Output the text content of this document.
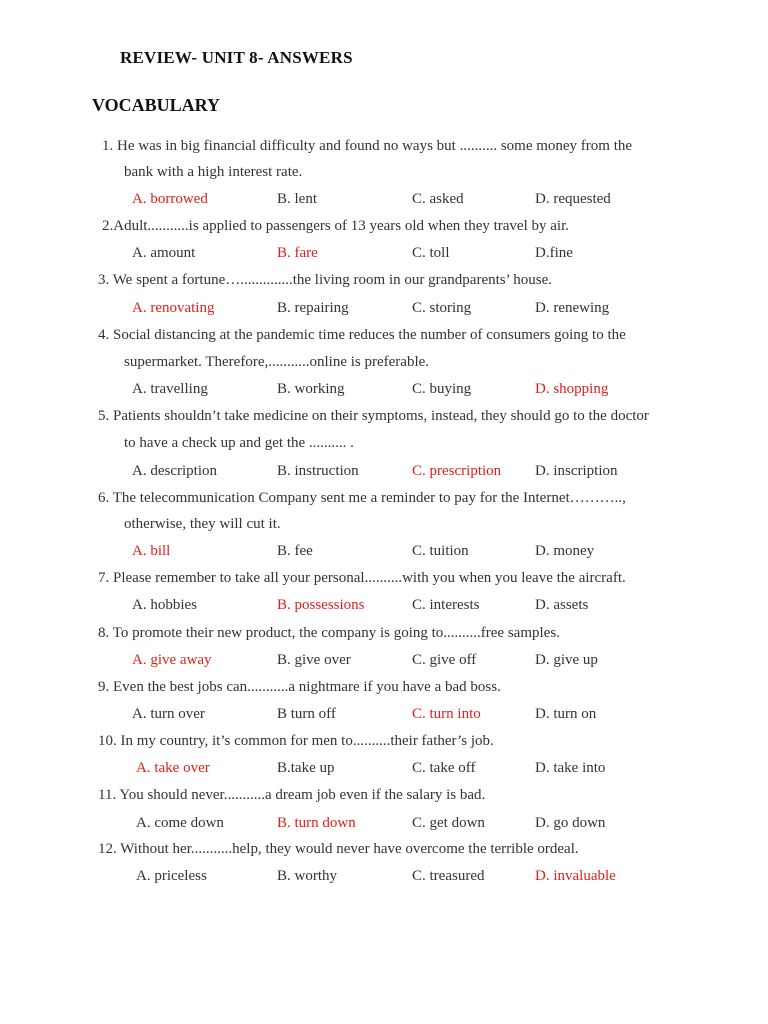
REVIEW- UNIT 8- ANSWERS
VOCABULARY
1. He was in big financial difficulty and found no ways but .......... some money from the
bank with a high interest rate.
A. borrowed	B. lent	C. asked	D. requested
2.Adult...........is applied to passengers of 13 years old when they travel by air.
A. amount	B. fare	C. toll	D.fine
3. We spent a fortune…..............the living room in our grandparents’ house.
A. renovating	B. repairing	C. storing	D. renewing
4. Social distancing at the pandemic time reduces the number of consumers going to the
supermarket. Therefore,...........online is preferable.
A. travelling	B. working	C. buying	D. shopping
5. Patients shouldn’t take medicine on their symptoms, instead, they should go to the doctor
to have a check up and get the .......... .
A. description	B. instruction	C. prescription D. inscription
6. The telecommunication Company sent me a reminder to pay for the Internet………..,
otherwise, they will cut it.
A. bill	B. fee	C. tuition	D. money
7. Please remember to take all your personal..........with you when you leave the aircraft.
A. hobbies	B. possessions	C. interests	D. assets
8. To promote their new product, the company is going to..........free samples.
A. give away	B. give over	C. give off	D. give up
9. Even the best jobs can...........a nightmare if you have a bad boss.
A. turn over	B turn off	C. turn into	D. turn on
10. In my country, it’s common for men to..........their father’s job.
A. take over	B.take up	C. take off	D. take into
11. You should never...........a dream job even if the salary is bad.
A. come down	B. turn down	C. get down	D. go down
12. Without her...........help, they would never have overcome the terrible ordeal.
A. priceless	B. worthy	C. treasured	D. invaluable
